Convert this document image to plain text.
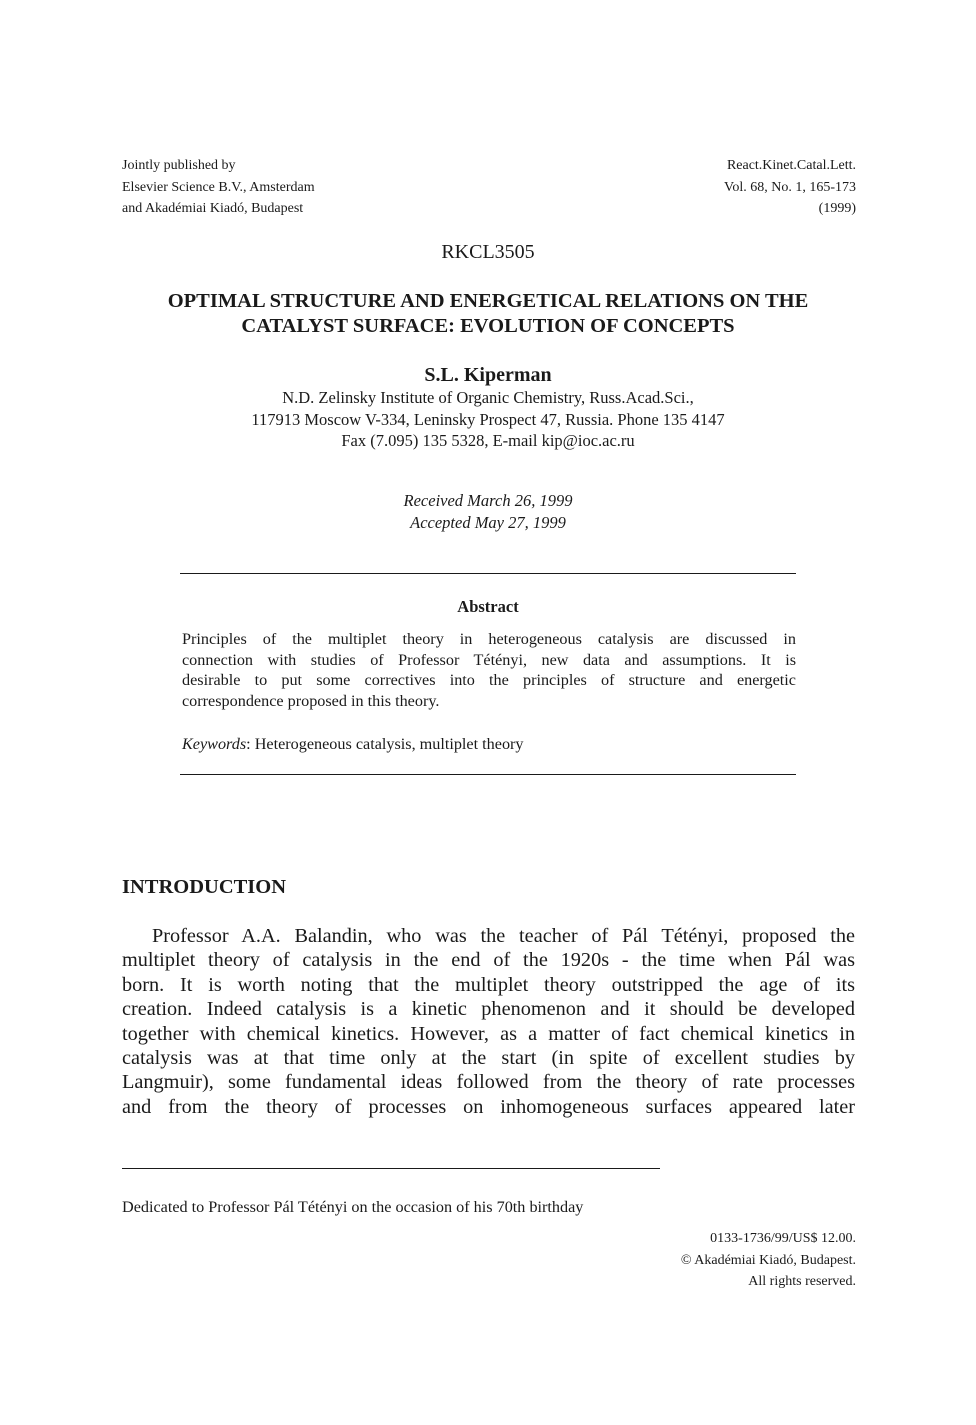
Jointly published by
Elsevier Science B.V., Amsterdam
and Akadémiai Kiadó, Budapest
React.Kinet.Catal.Lett.
Vol. 68, No. 1, 165-173
(1999)
RKCL3505
OPTIMAL STRUCTURE AND ENERGETICAL RELATIONS ON THE
CATALYST SURFACE: EVOLUTION OF CONCEPTS
S.L. Kiperman
N.D. Zelinsky Institute of Organic Chemistry, Russ.Acad.Sci.,
117913 Moscow V-334, Leninsky Prospect 47, Russia. Phone 135 4147
Fax (7.095) 135 5328, E-mail kip@ioc.ac.ru
Received March 26, 1999
Accepted May 27, 1999
Abstract
Principles of the multiplet theory in heterogeneous catalysis are discussed in
connection with studies of Professor Tétényi, new data and assumptions. It is
desirable to put some correctives into the principles of structure and energetic
correspondence proposed in this theory.
Keywords: Heterogeneous catalysis, multiplet theory
INTRODUCTION
Professor A.A. Balandin, who was the teacher of Pál Tétényi, proposed the
multiplet theory of catalysis in the end of the 1920s - the time when Pál was
born. It is worth noting that the multiplet theory outstripped the age of its
creation. Indeed catalysis is a kinetic phenomenon and it should be developed
together with chemical kinetics. However, as a matter of fact chemical kinetics in
catalysis was at that time only at the start (in spite of excellent studies by
Langmuir), some fundamental ideas followed from the theory of rate processes
and from the theory of processes on inhomogeneous surfaces appeared later
Dedicated to Professor Pál Tétényi on the occasion of his 70th birthday
0133-1736/99/US$ 12.00.
© Akadémiai Kiadó, Budapest.
All rights reserved.
